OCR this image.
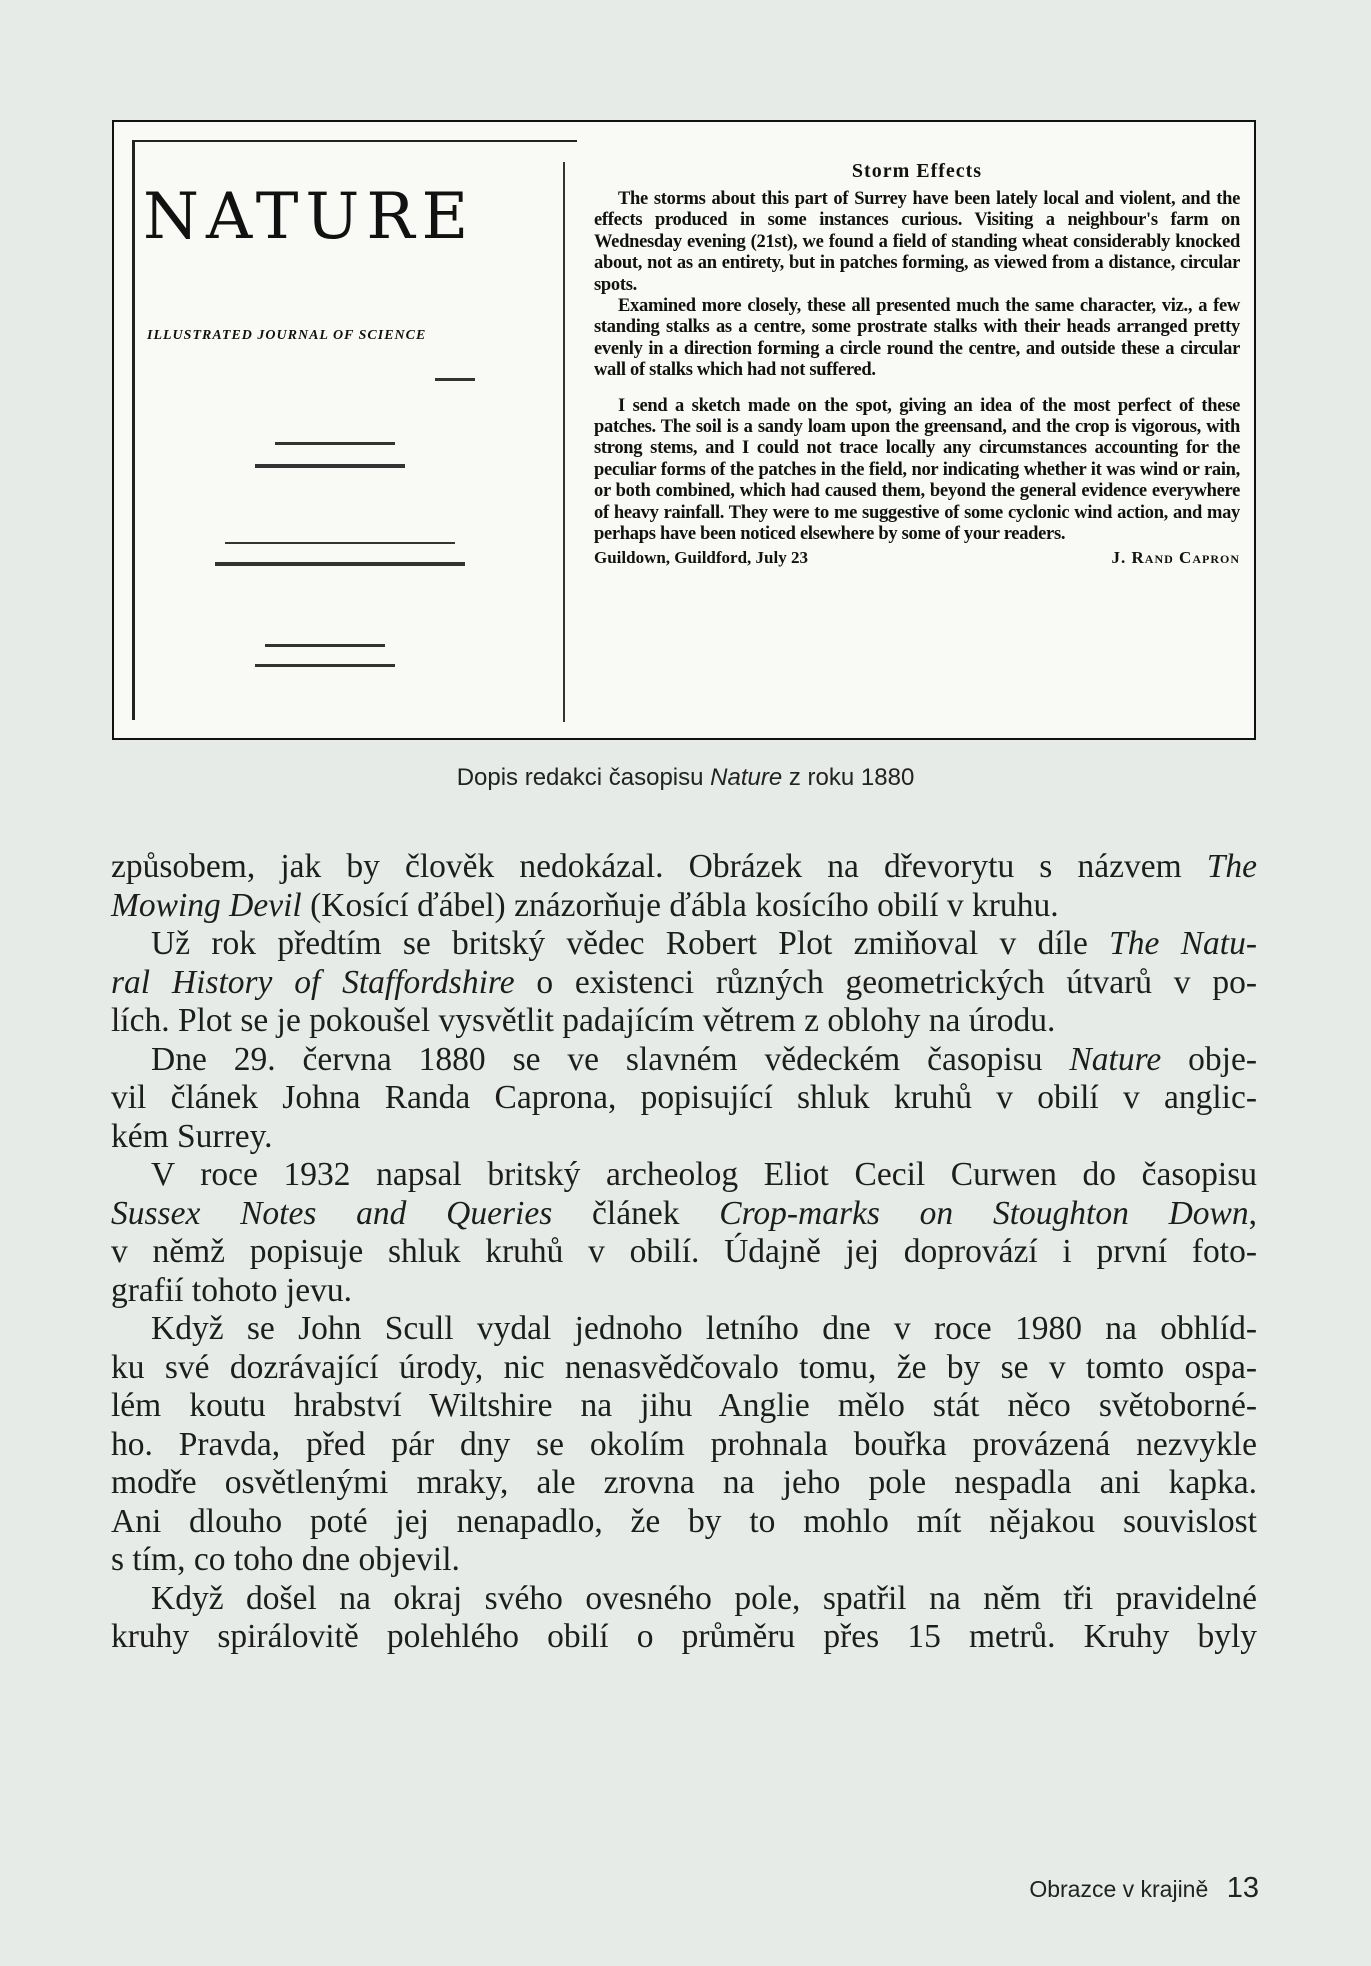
NATURE
ILLUSTRATED JOURNAL OF SCIENCE
Storm Effects

The storms about this part of Surrey have been lately local and violent, and the effects produced in some instances curious. Visiting a neighbour's farm on Wednesday evening (21st), we found a field of standing wheat considerably knocked about, not as an entirety, but in patches forming, as viewed from a distance, circular spots.

Examined more closely, these all presented much the same character, viz., a few standing stalks as a centre, some prostrate stalks with their heads arranged pretty evenly in a direction forming a circle round the centre, and outside these a circular wall of stalks which had not suffered.

I send a sketch made on the spot, giving an idea of the most perfect of these patches. The soil is a sandy loam upon the greensand, and the crop is vigorous, with strong stems, and I could not trace locally any circumstances accounting for the peculiar forms of the patches in the field, nor indicating whether it was wind or rain, or both combined, which had caused them, beyond the general evidence everywhere of heavy rainfall. They were to me suggestive of some cyclonic wind action, and may perhaps have been noticed elsewhere by some of your readers.

Guildown, Guildford, July 23	J. Rand Capron
Dopis redakci časopisu Nature z roku 1880

způsobem, jak by člověk nedokázal. Obrázek na dřevorytu s názvem The
Mowing Devil (Kosící ďábel) znázorňuje ďábla kosícího obilí v kruhu.

Už rok předtím se britský vědec Robert Plot zmiňoval v díle The Natu-
ral History of Staffordshire o existenci různých geometrických útvarů v po-
lích. Plot se je pokoušel vysvětlit padajícím větrem z oblohy na úrodu.

Dne 29. června 1880 se ve slavném vědeckém časopisu Nature obje-
vil článek Johna Randa Caprona, popisující shluk kruhů v obilí v anglic-
kém Surrey.

V roce 1932 napsal britský archeolog Eliot Cecil Curwen do časopisu
Sussex Notes and Queries článek Crop-marks on Stoughton Down,
v němž popisuje shluk kruhů v obilí. Údajně jej doprovází i první foto-
grafií tohoto jevu.

Když se John Scull vydal jednoho letního dne v roce 1980 na obhlíd-
ku své dozrávající úrody, nic nenasvědčovalo tomu, že by se v tomto ospa-
lém koutu hrabství Wiltshire na jihu Anglie mělo stát něco světoborné-
ho. Pravda, před pár dny se okolím prohnala bouřka provázená nezvykle
modře osvětlenými mraky, ale zrovna na jeho pole nespadla ani kapka.
Ani dlouho poté jej nenapadlo, že by to mohlo mít nějakou souvislost
s tím, co toho dne objevil.

Když došel na okraj svého ovesného pole, spatřil na něm tři pravidelné
kruhy spirálovitě polehlého obilí o průměru přes 15 metrů. Kruhy byly

Obrazce v krajině 13
